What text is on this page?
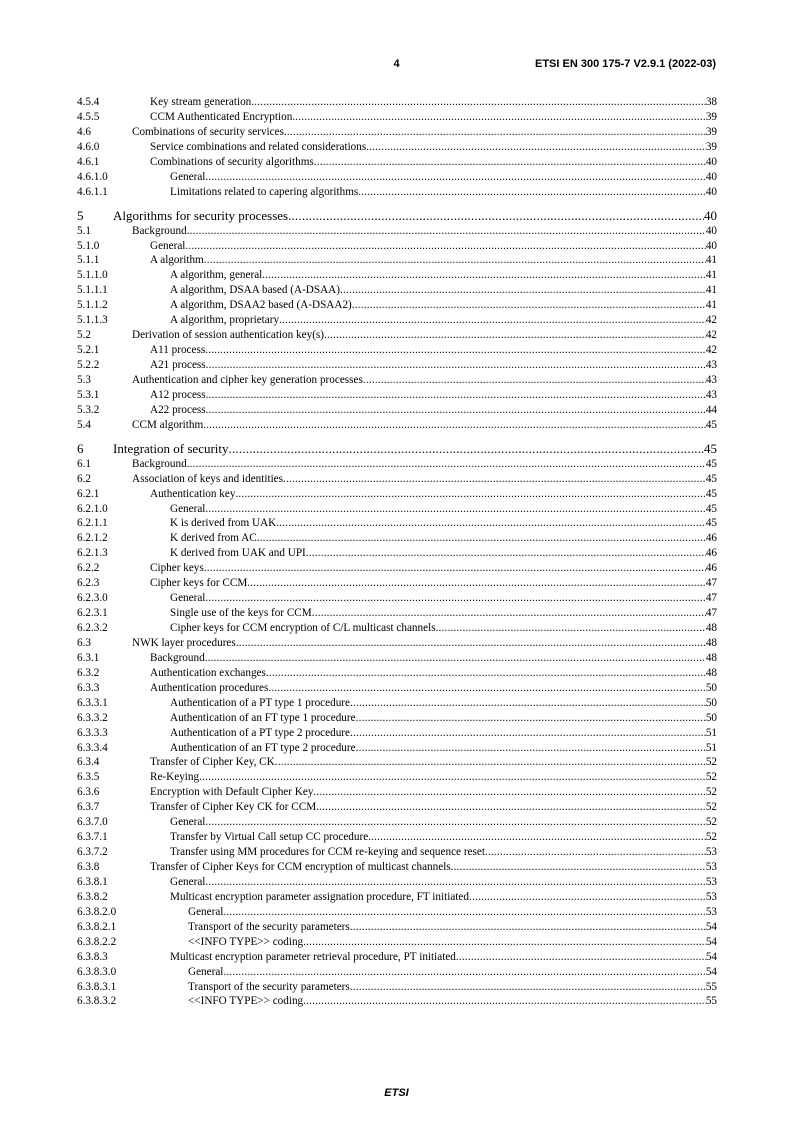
4	ETSI EN 300 175-7 V2.9.1 (2022-03)
4.5.4	Key stream generation .....	38
4.5.5	CCM Authenticated Encryption .....	39
4.6	Combinations of security services .....	39
4.6.0	Service combinations and related considerations .....	39
4.6.1	Combinations of security algorithms .....	40
4.6.1.0	General .....	40
4.6.1.1	Limitations related to capering algorithms .....	40
5	Algorithms for security processes .....	40
5.1	Background .....	40
5.1.0	General .....	40
5.1.1	A algorithm .....	41
5.1.1.0	A algorithm, general .....	41
5.1.1.1	A algorithm, DSAA based (A-DSAA) .....	41
5.1.1.2	A algorithm, DSAA2 based (A-DSAA2) .....	41
5.1.1.3	A algorithm, proprietary .....	42
5.2	Derivation of session authentication key(s) .....	42
5.2.1	A11 process .....	42
5.2.2	A21 process .....	43
5.3	Authentication and cipher key generation processes .....	43
5.3.1	A12 process .....	43
5.3.2	A22 process .....	44
5.4	CCM algorithm .....	45
6	Integration of security .....	45
6.1	Background .....	45
6.2	Association of keys and identities .....	45
6.2.1	Authentication key .....	45
6.2.1.0	General .....	45
6.2.1.1	K is derived from UAK .....	45
6.2.1.2	K derived from AC .....	46
6.2.1.3	K derived from UAK and UPI .....	46
6.2.2	Cipher keys .....	46
6.2.3	Cipher keys for CCM .....	47
6.2.3.0	General .....	47
6.2.3.1	Single use of the keys for CCM .....	47
6.2.3.2	Cipher keys for CCM encryption of C/L multicast channels .....	48
6.3	NWK layer procedures .....	48
6.3.1	Background .....	48
6.3.2	Authentication exchanges .....	48
6.3.3	Authentication procedures .....	50
6.3.3.1	Authentication of a PT type 1 procedure .....	50
6.3.3.2	Authentication of an FT type 1 procedure .....	50
6.3.3.3	Authentication of a PT type 2 procedure .....	51
6.3.3.4	Authentication of an FT type 2 procedure .....	51
6.3.4	Transfer of Cipher Key, CK .....	52
6.3.5	Re-Keying .....	52
6.3.6	Encryption with Default Cipher Key .....	52
6.3.7	Transfer of Cipher Key CK for CCM .....	52
6.3.7.0	General .....	52
6.3.7.1	Transfer by Virtual Call setup CC procedure .....	52
6.3.7.2	Transfer using MM procedures for CCM re-keying and sequence reset .....	53
6.3.8	Transfer of Cipher Keys for CCM encryption of multicast channels .....	53
6.3.8.1	General .....	53
6.3.8.2	Multicast encryption parameter assignation procedure, FT initiated .....	53
6.3.8.2.0	General .....	53
6.3.8.2.1	Transport of the security parameters .....	54
6.3.8.2.2	<<INFO TYPE>> coding .....	54
6.3.8.3	Multicast encryption parameter retrieval procedure, PT initiated .....	54
6.3.8.3.0	General .....	54
6.3.8.3.1	Transport of the security parameters .....	55
6.3.8.3.2	<<INFO TYPE>> coding .....	55
ETSI
